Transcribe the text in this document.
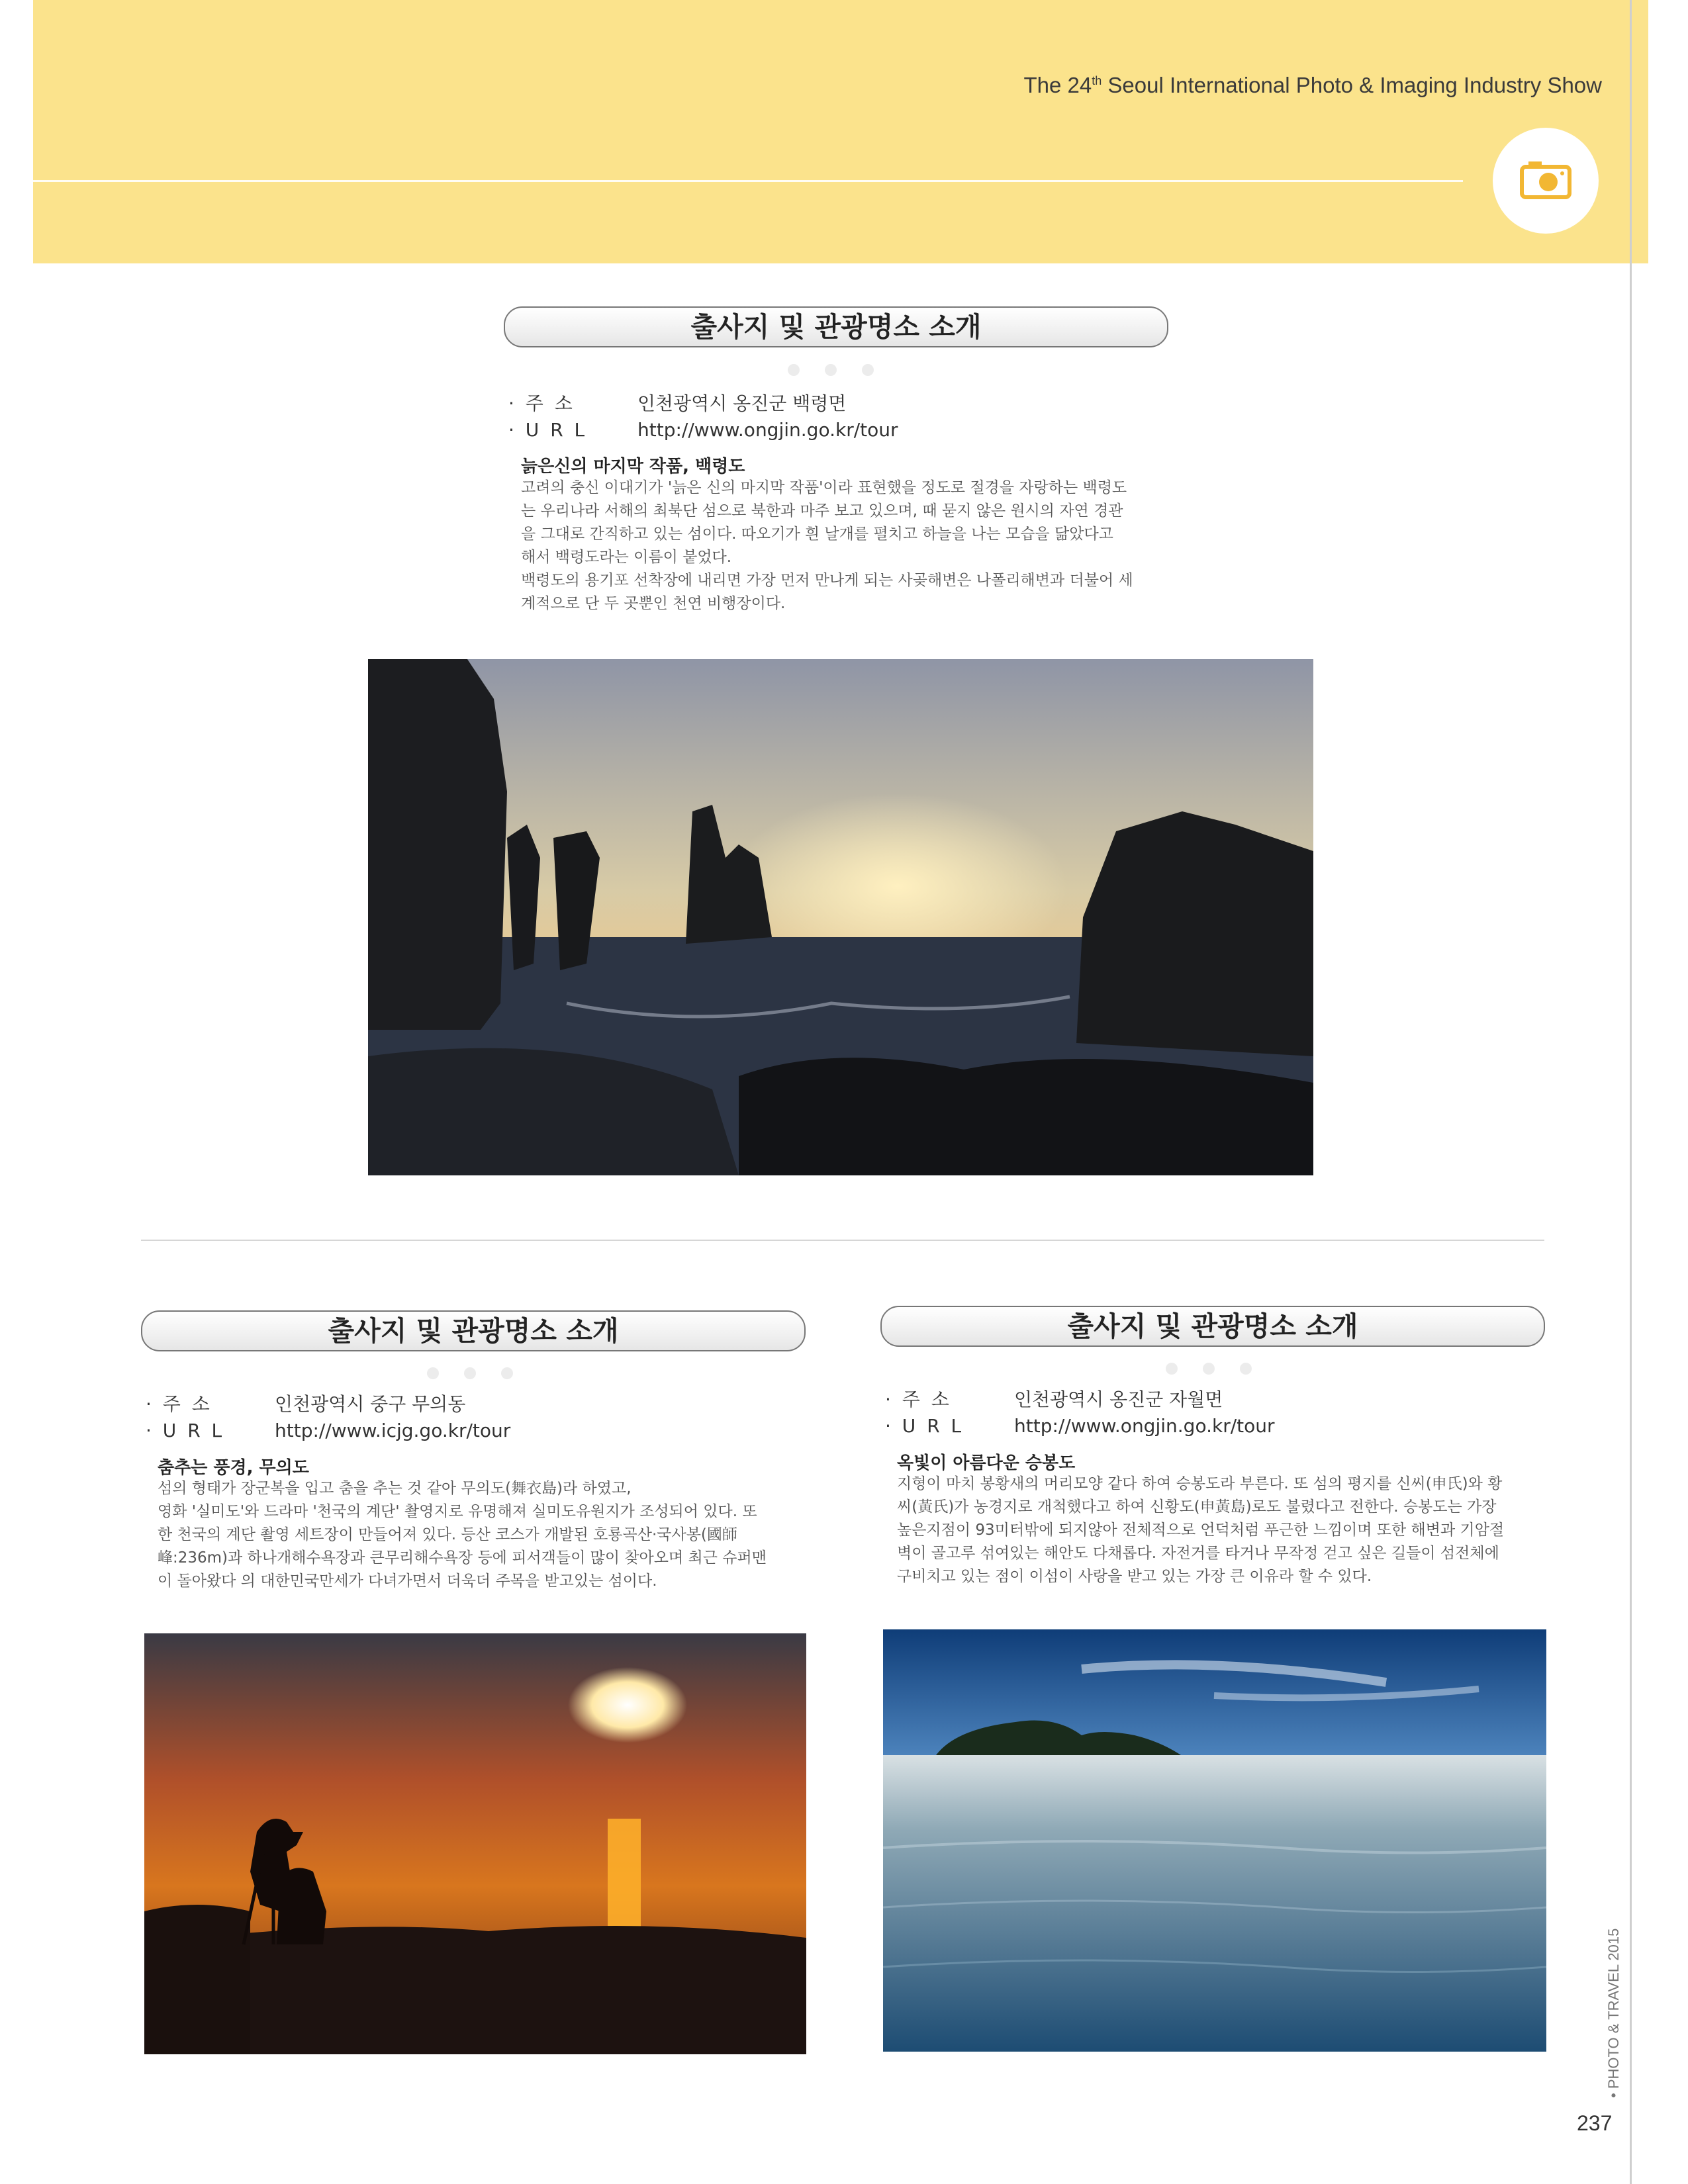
The 24th Seoul International Photo & Imaging Industry Show
출사지 및 관광명소 소개
· 주 소	인천광역시 옹진군 백령면
· U R L	http://www.ongjin.go.kr/tour
늙은신의 마지막 작품, 백령도

고려의 충신 이대기가 '늙은 신의 마지막 작품'이라 표현했을 정도로 절경을 자랑하는 백령도

는 우리나라 서해의 최북단 섬으로 북한과 마주 보고 있으며, 때 묻지 않은 원시의 자연 경관

을 그대로 간직하고 있는 섬이다. 따오기가 흰 날개를 펼치고 하늘을 나는 모습을 닮았다고

해서 백령도라는 이름이 붙었다.

백령도의 용기포 선착장에 내리면 가장 먼저 만나게 되는 사곶해변은 나폴리해변과 더불어 세

계적으로 단 두 곳뿐인 천연 비행장이다.

출사지 및 관광명소 소개
· 주 소	인천광역시 중구 무의동
· U R L	http://www.icjg.go.kr/tour
춤추는 풍경, 무의도

섬의 형태가 장군복을 입고 춤을 추는 것 같아 무의도(舞衣島)라 하였고,

영화 '실미도'와 드라마 '천국의 계단' 촬영지로 유명해져 실미도유원지가 조성되어 있다. 또

한 천국의 계단 촬영 세트장이 만들어져 있다. 등산 코스가 개발된 호룡곡산·국사봉(國師

峰:236m)과 하나개해수욕장과 큰무리해수욕장 등에 피서객들이 많이 찾아오며 최근 슈퍼맨

이 돌아왔다 의 대한민국만세가 다녀가면서 더욱더 주목을 받고있는 섬이다.

출사지 및 관광명소 소개
· 주 소	인천광역시 옹진군 자월면
· U R L	http://www.ongjin.go.kr/tour
옥빛이 아름다운 승봉도

지형이 마치 봉황새의 머리모양 같다 하여 승봉도라 부른다. 또 섬의 평지를 신씨(申氏)와 황

씨(黃氏)가 농경지로 개척했다고 하여 신황도(申黃島)로도 불렸다고 전한다. 승봉도는 가장

높은지점이 93미터밖에 되지않아 전체적으로 언덕처럼 푸근한 느낌이며 또한 해변과 기암절

벽이 골고루 섞여있는 해안도 다채롭다. 자전거를 타거나 무작정 걷고 싶은 길들이 섬전체에

구비치고 있는 점이 이섬이 사랑을 받고 있는 가장 큰 이유라 할 수 있다.

• PHOTO & TRAVEL 2015
237
